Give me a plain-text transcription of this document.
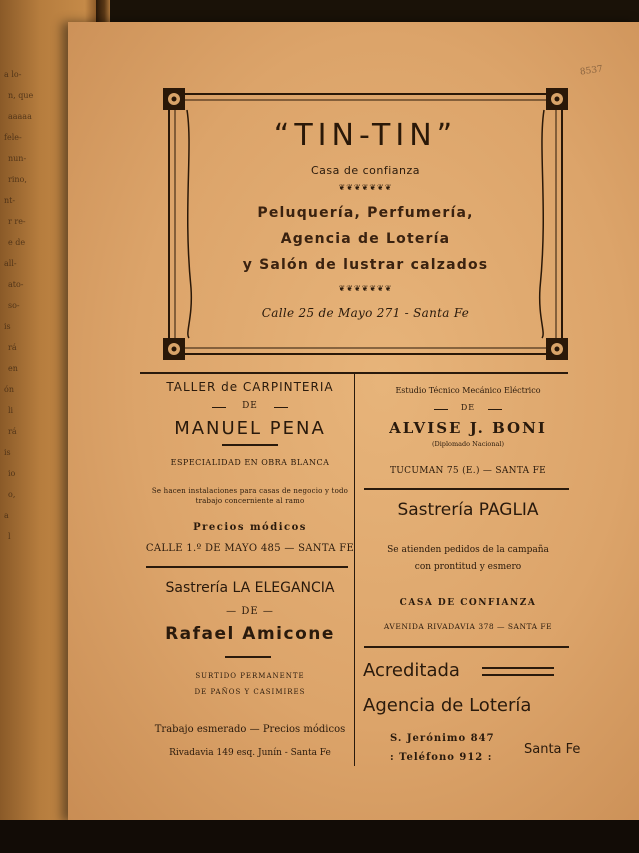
a lo-
n, que
aaaaa
fele-
nun-
rino,
nt-
r re-
e de
all-
ato-
so-
is
rá
en
ón
li
rá
is
io
o,
a
l
8537
“TIN-TIN”
Casa de confianza
❦❦❦❦❦❦❦
Peluquería, Perfumería,
Agencia de Lotería
y Salón de lustrar calzados
❦❦❦❦❦❦❦
Calle 25 de Mayo 271 - Santa Fe
TALLER de CARPINTERIA
DE
MANUEL PENA
ESPECIALIDAD EN OBRA BLANCA
Se hacen instalaciones para casas de negocio y todo
trabajo concerniente al ramo
Precios módicos
CALLE 1.º DE MAYO 485 — SANTA FE
Sastrería LA ELEGANCIA
— DE —
Rafael Amicone
SURTIDO PERMANENTE
DE PAÑOS Y CASIMIRES
Trabajo esmerado — Precios módicos
Rivadavia 149 esq. Junín - Santa Fe
Estudio Técnico Mecánico Eléctrico
DE
ALVISE J. BONI
(Diplomado Nacional)
TUCUMAN 75 (E.) — SANTA FE
Sastrería PAGLIA
Se atienden pedidos de la campaña
con prontitud y esmero
CASA DE CONFIANZA
AVENIDA RIVADAVIA 378 — SANTA FE
Acreditada
Agencia de Lotería
S. Jerónimo 847
: Teléfono 912 :
Santa Fe
